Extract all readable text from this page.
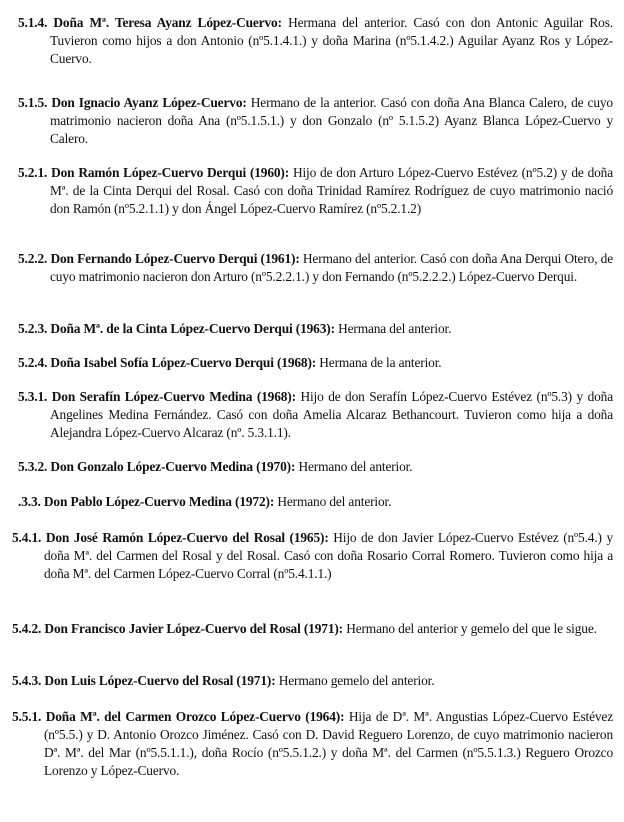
5.1.4. Doña Mª. Teresa Ayanz López-Cuervo: Hermana del anterior. Casó con don Antonic Aguilar Ros. Tuvieron como hijos a don Antonio (nº5.1.4.1.) y doña Marina (nº5.1.4.2.) Aguilar Ayanz Ros y López-Cuervo.

5.1.5. Don Ignacio Ayanz López-Cuervo: Hermano de la anterior. Casó con doña Ana Blanca Calero, de cuyo matrimonio nacieron doña Ana (nº5.1.5.1.) y don Gonzalo (nº 5.1.5.2) Ayanz Blanca López-Cuervo y Calero.

5.2.1. Don Ramón López-Cuervo Derqui (1960): Hijo de don Arturo López-Cuervo Estévez (nº5.2) y de doña Mª. de la Cinta Derqui del Rosal. Casó con doña Trinidad Ramírez Rodríguez de cuyo matrimonio nació don Ramón (nº5.2.1.1) y don Ángel López-Cuervo Ramírez (nº5.2.1.2)

5.2.2. Don Fernando López-Cuervo Derqui (1961): Hermano del anterior. Casó con doña Ana Derqui Otero, de cuyo matrimonio nacieron don Arturo (nº5.2.2.1.) y don Fernando (nº5.2.2.2.) López-Cuervo Derqui.

5.2.3. Doña Mª. de la Cinta López-Cuervo Derqui (1963): Hermana del anterior.

5.2.4. Doña Isabel Sofía López-Cuervo Derqui (1968): Hermana de la anterior.

5.3.1. Don Serafín López-Cuervo Medina (1968): Hijo de don Serafín López-Cuervo Estévez (nº5.3) y doña Angelines Medina Fernández. Casó con doña Amelia Alcaraz Bethancourt. Tuvieron como hija a doña Alejandra López-Cuervo Alcaraz (nº. 5.3.1.1).

5.3.2. Don Gonzalo López-Cuervo Medina (1970): Hermano del anterior.

.3.3. Don Pablo López-Cuervo Medina (1972): Hermano del anterior.

5.4.1. Don José Ramón López-Cuervo del Rosal (1965): Hijo de don Javier López-Cuervo Estévez (nº5.4.) y doña Mª. del Carmen del Rosal y del Rosal. Casó con doña Rosario Corral Romero. Tuvieron como hija a doña Mª. del Carmen López-Cuervo Corral (nº5.4.1.1.)

5.4.2. Don Francisco Javier López-Cuervo del Rosal (1971): Hermano del anterior y gemelo del que le sigue.

5.4.3. Don Luis López-Cuervo del Rosal (1971): Hermano gemelo del anterior.

5.5.1. Doña Mª. del Carmen Orozco López-Cuervo (1964): Hija de Dª. Mª. Angustias López-Cuervo Estévez (nº5.5.) y D. Antonio Orozco Jiménez. Casó con D. David Reguero Lorenzo, de cuyo matrimonio nacieron Dª. Mª. del Mar (nº5.5.1.1.), doña Rocío (nº5.5.1.2.) y doña Mª. del Carmen (nº5.5.1.3.) Reguero Orozco Lorenzo y López-Cuervo.
